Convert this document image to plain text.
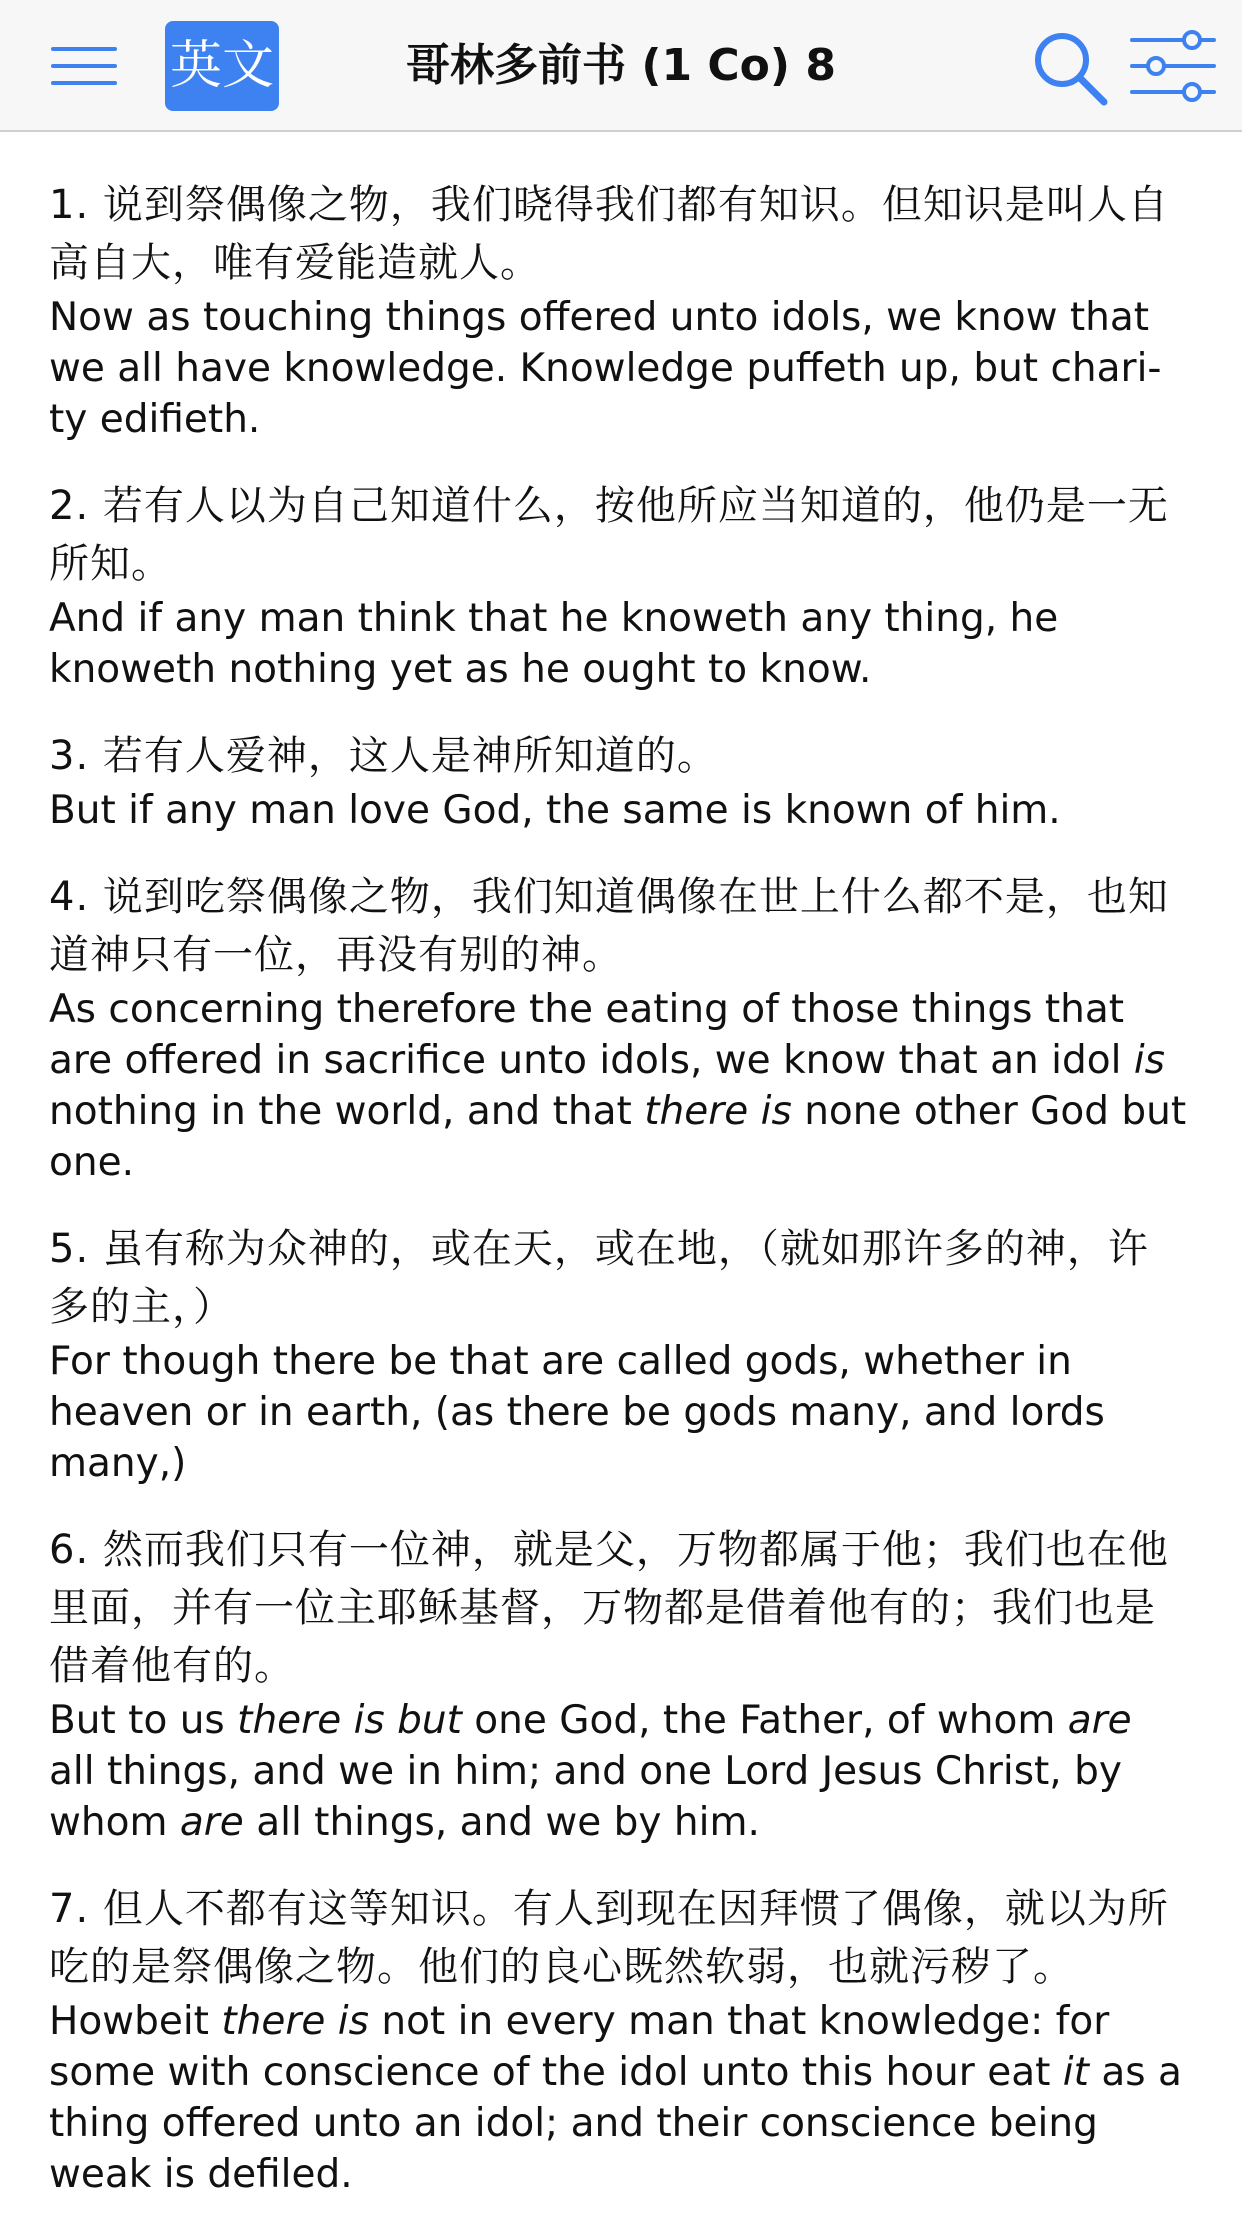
英文	哥林多前书 (1 Co) 8
1. 说到祭偶像之物，我们晓得我们都有知识。但知识是叫人自
高自大，唯有爱能造就人。
Now as touching things offered unto idols, we know that
we all have knowledge. Knowledge puffeth up, but chari-
ty edifieth.
2. 若有人以为自己知道什么，按他所应当知道的，他仍是一无
所知。
And if any man think that he knoweth any thing, he
knoweth nothing yet as he ought to know.
3. 若有人爱神，这人是神所知道的。
But if any man love God, the same is known of him.
4. 说到吃祭偶像之物，我们知道偶像在世上什么都不是，也知
道神只有一位，再没有别的神。
As concerning therefore the eating of those things that
are offered in sacrifice unto idols, we know that an idol is
nothing in the world, and that there is none other God but
one.
5. 虽有称为众神的，或在天，或在地，（就如那许多的神，许
多的主，）
For though there be that are called gods, whether in
heaven or in earth, (as there be gods many, and lords
many,)
6. 然而我们只有一位神，就是父，万物都属于他；我们也在他
里面，并有一位主耶稣基督，万物都是借着他有的；我们也是
借着他有的。
But to us there is but one God, the Father, of whom are
all things, and we in him; and one Lord Jesus Christ, by
whom are all things, and we by him.
7. 但人不都有这等知识。有人到现在因拜惯了偶像，就以为所
吃的是祭偶像之物。他们的良心既然软弱，也就污秽了。
Howbeit there is not in every man that knowledge: for
some with conscience of the idol unto this hour eat it as a
thing offered unto an idol; and their conscience being
weak is defiled.
